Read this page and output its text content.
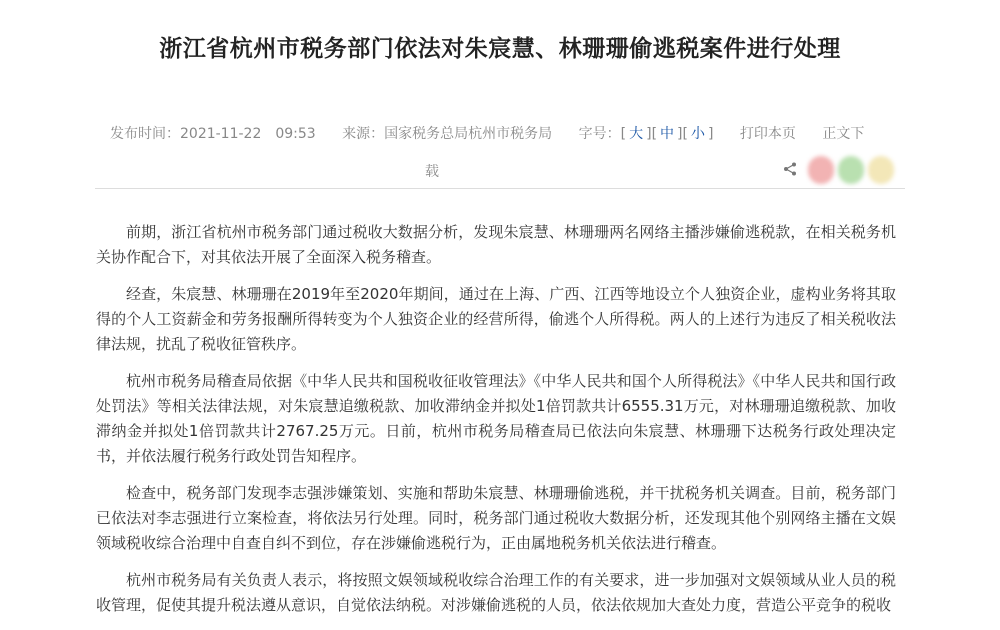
浙江省杭州市税务部门依法对朱宸慧、林珊珊偷逃税案件进行处理
发布时间：2021-11-22　09:53 来源：国家税务总局杭州市税务局 字号：[ 大 ][ 中 ][ 小 ] 打印本页 正文下
载

前期，浙江省杭州市税务部门通过税收大数据分析，发现朱宸慧、林珊珊两名网络主播涉嫌偷逃税款，在相关税务机关协作配合下，对其依法开展了全面深入税务稽查。

经查，朱宸慧、林珊珊在2019年至2020年期间，通过在上海、广西、江西等地设立个人独资企业，虚构业务将其取得的个人工资薪金和劳务报酬所得转变为个人独资企业的经营所得，偷逃个人所得税。两人的上述行为违反了相关税收法律法规，扰乱了税收征管秩序。

杭州市税务局稽查局依据《中华人民共和国税收征收管理法》《中华人民共和国个人所得税法》《中华人民共和国行政处罚法》等相关法律法规，对朱宸慧追缴税款、加收滞纳金并拟处1倍罚款共计6555.31万元，对林珊珊追缴税款、加收滞纳金并拟处1倍罚款共计2767.25万元。日前，杭州市税务局稽查局已依法向朱宸慧、林珊珊下达税务行政处理决定书，并依法履行税务行政处罚告知程序。

检查中，税务部门发现李志强涉嫌策划、实施和帮助朱宸慧、林珊珊偷逃税，并干扰税务机关调查。目前，税务部门已依法对李志强进行立案检查，将依法另行处理。同时，税务部门通过税收大数据分析，还发现其他个别网络主播在文娱领域税收综合治理中自查自纠不到位，存在涉嫌偷逃税行为，正由属地税务机关依法进行稽查。

杭州市税务局有关负责人表示，将按照文娱领域税收综合治理工作的有关要求，进一步加强对文娱领域从业人员的税收管理，促使其提升税法遵从意识，自觉依法纳税。对涉嫌偷逃税的人员，依法依规加大查处力度，营造公平竞争的税收
